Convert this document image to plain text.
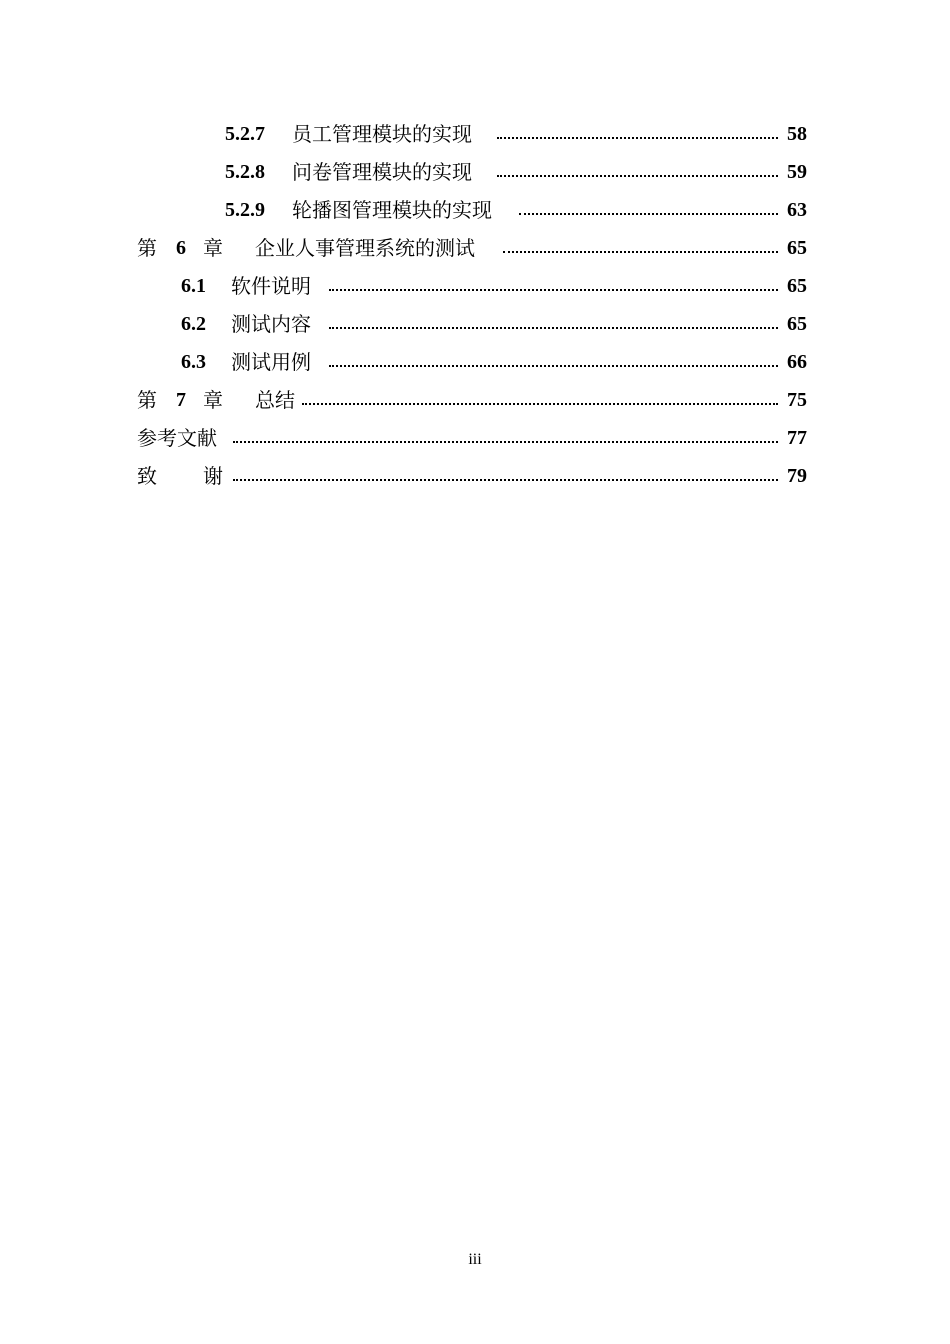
5.2.7 员工管理模块的实现	58
5.2.8 问卷管理模块的实现	59
5.2.9 轮播图管理模块的实现	63
第 6 章 企业人事管理系统的测试	65
6.1 软件说明	65
6.2 测试内容	65
6.3 测试用例	66
第 7 章 总结	75
参考文献	77
致 谢	79
iii
